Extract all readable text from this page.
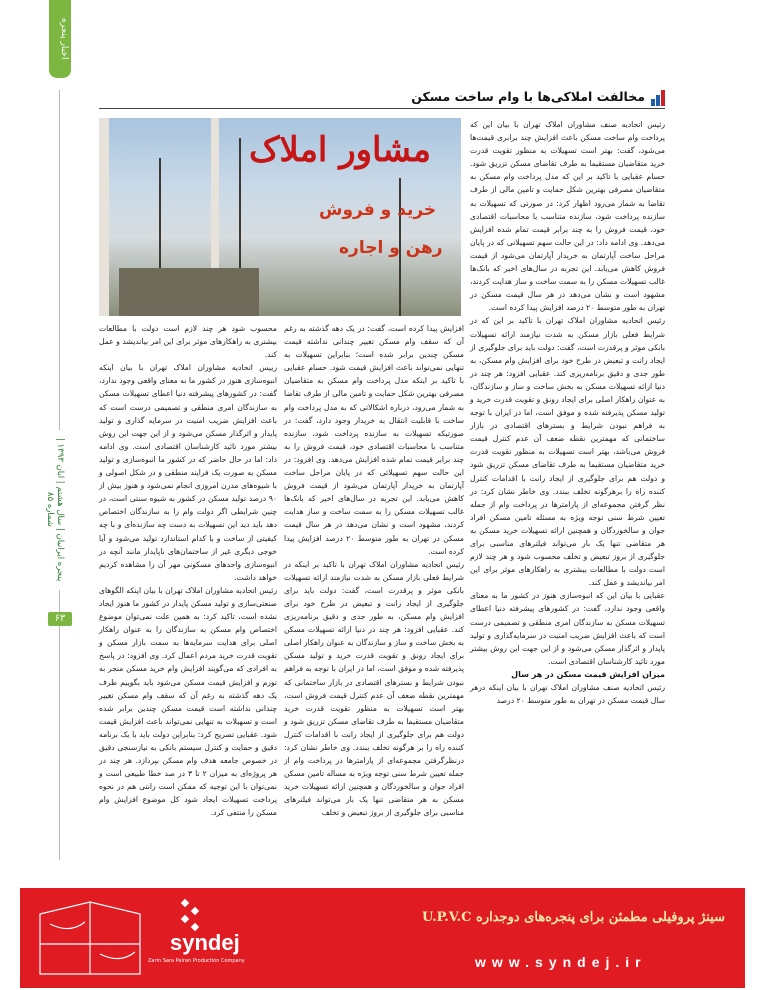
اخبار پنجره
پنجره ایرانیان | سال هشتم | ابان ۱۳۹۳ | شماره ۸۵
۶۳
مخالفت املاکی‌ها با وام ساخت مسکن
مشاور املاک
خرید و فروش
رهن و اجاره

رئیس اتحادیه صنف مشاوران املاک تهران با بیان این که پرداخت وام ساخت مسکن باعث افزایش چند برابری قیمت‌ها می‌شود، گفت: بهتر است تسهیلات به منظور تقویت قدرت خرید متقاضیان مستقیما به طرف تقاضای مسکن تزریق شود. حسام عقبایی با تاکید بر این که مدل پرداخت وام مسکن به متقاضیان مصرفی بهترین شکل حمایت و تامین مالی از طرف تقاضا به شمار می‌رود اظهار کرد: در صورتی که تسهیلات به سازنده پرداخت شود، سازنده متناسب با محاسبات اقتصادی خود، قیمت فروش را به چند برابر قیمت تمام شده افزایش می‌دهد. وی ادامه داد: در این حالت سهم تسهیلاتی که در پایان مراحل ساخت آپارتمان به خریدار آپارتمان می‌شود از قیمت فروش کاهش می‌یابد. این تجربه در سال‌های اخیر که بانک‌ها غالب تسهیلات مسکن را به سمت ساخت و ساز هدایت کردند، مشهود است و نشان می‌دهد در هر سال قیمت مسکن در تهران به طور متوسط ۲۰ درصد افزایش پیدا کرده است.

رئیس اتحادیه مشاوران املاک تهران با تاکید بر این که در شرایط فعلی بازار مسکن به شدت نیازمند ارائه تسهیلات بانکی موثر و پرقدرت است، گفت: دولت باید برای جلوگیری از ایجاد رانت و تبعیض در طرح خود برای افزایش وام مسکن، به طور جدی و دقیق برنامه‌ریزی کند. عقبایی افزود: هر چند در دنیا ارائه تسهیلات مسکن به بخش ساخت و ساز و سازندگان، به عنوان راهکار اصلی برای ایجاد رونق و تقویت قدرت خرید و تولید مسکن پذیرفته شده و موفق است، اما در ایران با توجه به فراهم نبودن شرایط و بسترهای اقتصادی در بازار ساختمانی که مهمترین نقطه ضعف آن عدم کنترل قیمت فروش می‌باشد، بهتر است تسهیلات به منظور تقویت قدرت خرید متقاضیان مستقیما به طرف تقاضای مسکن تزریق شود و دولت هم برای جلوگیری از ایجاد رانت با اقدامات کنترل کننده راه را برهرگونه تخلف ببندد. وی خاطر نشان کرد: در نظر گرفتن مجموعه‌ای از پارامترها در پرداخت وام از جمله تعیین شرط سنی توجه ویژه به مسئله تامین مسکن افراد جوان و سالخوردگان و همچنین ارائه تسهیلات خرید مسکن به هر متقاضی تنها یک بار می‌تواند فیلترهای مناسبی برای جلوگیری از بروز تبعیض و تخلف محسوب شود و هر چند لازم است دولت با مطالعات بیشتری به راهکارهای موثر برای این امر بیاندیشد و عمل کند.

عقبایی با بیان این که انبوه‌سازی هنوز در کشور ما به معنای واقعی وجود ندارد، گفت: در کشورهای پیشرفته دنیا اعطای تسهیلات مسکن به سازندگان امری منطقی و تصمیمی درست است که باعث افزایش ضریب امنیت در سرمایه‌گذاری و تولید پایدار و اثرگذار مسکن می‌شود و از این جهت این روش بیشتر مورد تائید کارشناسان اقتصادی است.

میزان افزایش قیمت مسکن در هر سال

رئیس اتحادیه صنف مشاوران املاک تهران با بیان اینکه درهر سال قیمت مسکن در تهران به طور متوسط ۲۰ درصد

افزایش پیدا کرده است، گفت: در یک دهه گذشته به رغم آن که سقف وام مسکن تغییر چندانی نداشته قیمت مسکن چندین برابر شده است؛ بنابراین تسهیلات به تنهایی نمی‌تواند باعث افزایش قیمت شود. حسام عقبایی با تاکید بر اینکه مدل پرداخت وام مسکن به متقاضیان مصرفی بهترین شکل حمایت و تامین مالی از طرف تقاضا به شمار می‌رود، درباره اشکالاتی که به مدل پرداخت وام ساخت با قابلیت انتقال به خریدار وجود دارد، گفت: در صورتیکه تسهیلات به سازنده پرداخت شود، سازنده متناسب با محاسبات اقتصادی خود، قیمت فروش را به چند برابر قیمت تمام شده افزایش می‌دهد. وی افزود: در این حالت سهم تسهیلاتی که در پایان مراحل ساخت آپارتمان به خریدار آپارتمان می‌شود از قیمت فروش کاهش می‌یابد. این تجربه در سال‌های اخیر که بانک‌ها غالب تسهیلات مسکن را به سمت ساخت و ساز هدایت کردند، مشهود است و نشان می‌دهد در هر سال قیمت مسکن در تهران به طور متوسط ۲۰ درصد افزایش پیدا کرده است.

رئیس اتحادیه مشاوران املاک تهران با تاکید بر اینکه در شرایط فعلی بازار مسکن به شدت نیازمند ارائه تسهیلات بانکی موثر و پرقدرت است، گفت: دولت باید برای جلوگیری از ایجاد رانت و تبعیض در طرح خود برای افزایش وام مسکن، به طور جدی و دقیق برنامه‌ریزی کند. عقبایی افزود: هر چند در دنیا ارائه تسهیلات مسکن به بخش ساخت و ساز و سازندگان به عنوان راهکار اصلی برای ایجاد رونق و تقویت قدرت خرید و تولید مسکن پذیرفته شده و موفق است، اما در ایران با توجه به فراهم نبودن شرایط و بسترهای اقتصادی در بازار ساختمانی که مهمترین نقطه ضعف آن عدم کنترل قیمت فروش است، بهتر است تسهیلات به منظور تقویت قدرت خرید متقاضیان مستقیما به طرف تقاضای مسکن تزریق شود و دولت هم برای جلوگیری از ایجاد رانت با اقدامات کنترل کننده راه را بر هرگونه تخلف ببندد. وی خاطر نشان کرد: درنظرگرفتن مجموعه‌ای از پارامترها در پرداخت وام از جمله تعیین شرط سنی توجه ویژه به مساله تامین مسکن افراد جوان و سالخوردگان و همچنین ارائه تسهیلات خرید مسکن به هر متقاضی تنها یک بار می‌تواند فیلترهای مناسبی برای جلوگیری از بروز تبعیض و تخلف

محسوب شود هر چند لازم است دولت با مطالعات بیشتری به راهکارهای موثر برای این امر بیاندیشد و عمل کند.

رییس اتحادیه مشاوران املاک تهران با بیان اینکه انبوه‌سازی هنوز در کشور ما به معنای واقعی وجود ندارد، گفت: در کشورهای پیشرفته دنیا اعطای تسهیلات مسکن به سازندگان امری منطقی و تصمیمی درست است که باعث افزایش ضریب امنیت در سرمایه گذاری و تولید پایدار و اثرگذار مسکن می‌شود و از این جهت این روش بیشتر مورد تائید کارشناسان اقتصادی است. وی ادامه داد: اما در حال حاضر که در کشور ما انبوه‌سازی و تولید مسکن به صورت یک فرایند منطقی و در شکل اصولی و با شیوه‌های مدرن امروزی انجام نمی‌شود و هنوز بیش از ۹۰ درصد تولید مسکن در کشور به شیوه سنتی است، در چنین شرایطی اگر دولت وام را به سازندگان اختصاص دهد باید دید این تسهیلات به دست چه سازنده‌ای و با چه کیفیتی از ساخت و با کدام استاندارد تولید می‌شود و آیا خوجی دیگری غیر از ساختمان‌های ناپایدار مانند آنچه در انبوه‌سازی واحدهای مسکونی مهر آن را مشاهده کردیم خواهد داشت.

رئیس اتحادیه مشاوران املاک تهران با بیان اینکه الگوهای صنعتی‌سازی و تولید مسکن پایدار در کشور ما هنوز ایجاد نشده است، تاکید کرد: به همین علت نمی‌توان موضوع اختصاص وام مسکن به سازندگان را به عنوان راهکار اصلی برای هدایت سرمایه‌ها به سمت بازار مسکن و تقویت قدرت خرید مردم اعمال کرد. وی افزود: در پاسخ به افرادی که می‌گویند افزایش وام خرید مسکن منجر به تورم و افزایش قیمت مسکن می‌شود باید بگوییم ظرف یک دهه گذشته به رغم آن که سقف وام مسکن تغییر چندانی نداشته است قیمت مسکن چندین برابر شده است و تسهیلات به تنهایی نمی‌تواند باعث افزایش قیمت شود. عقبایی تصریح کرد: بنابراین دولت باید با یک برنامه دقیق و حمایت و کنترل سیستم بانکی به نیازسنجی دقیق در خصوص جامعه هدف وام مسکن بپردازد. هر چند در هر پروژه‌ای به میزان ۲ تا ۳ در صد خطا طبیعی است و نمی‌توان با این توجیه که ممکن است رانتی هم در نحوه پرداخت تسهیلات ایجاد شود کل موضوع افزایش وام مسکن را منتفی کرد.

syndej
Zarin Sara Pairan Production Company
سینژ پروفیلی مطمئن برای پنجره‌های دوجداره U.P.V.C
www.syndej.ir
